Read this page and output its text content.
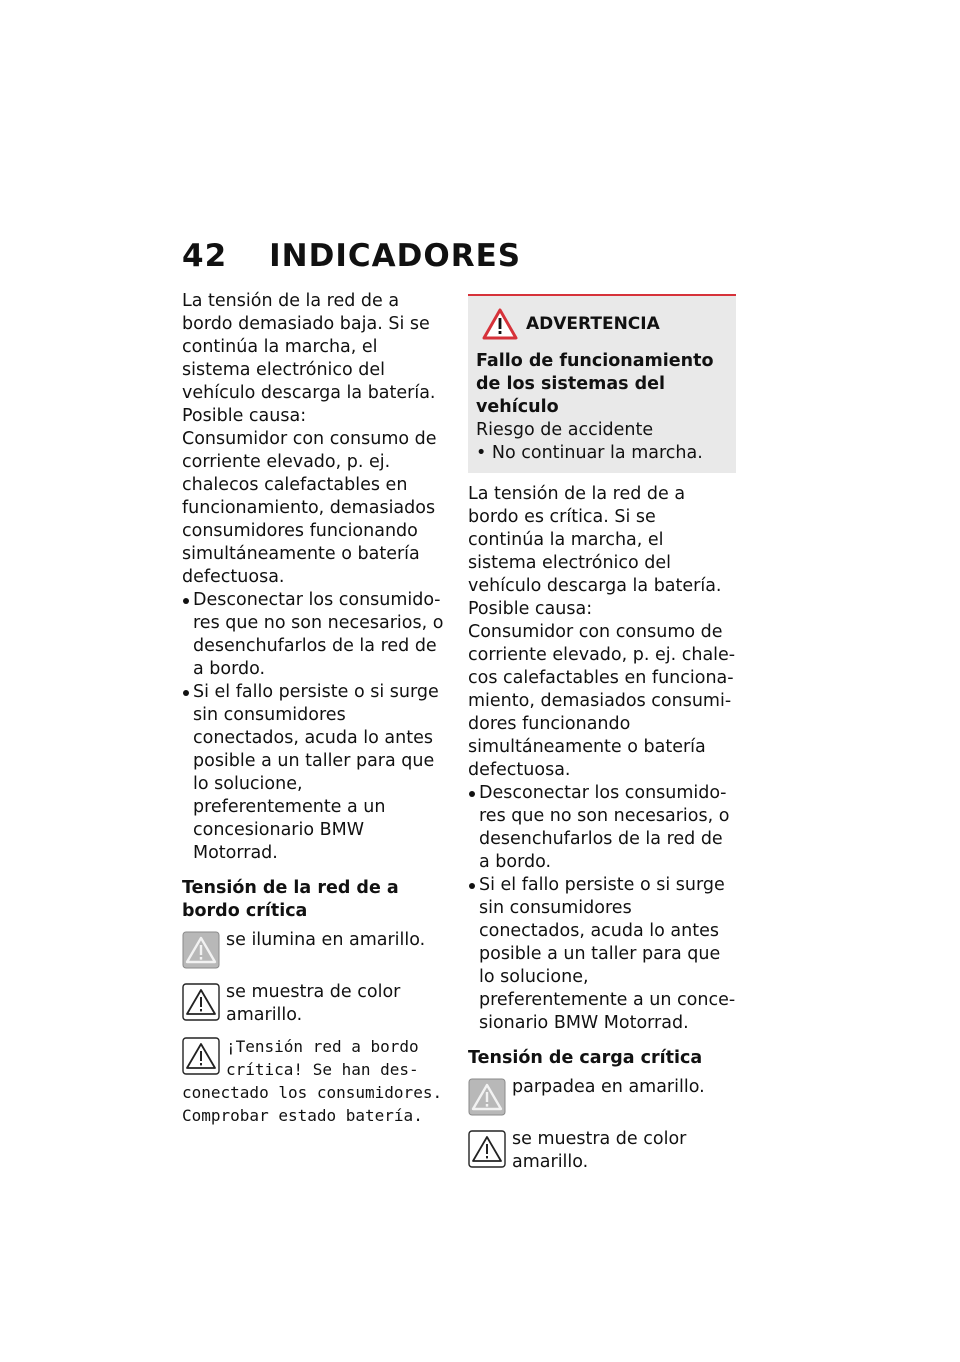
42 INDICADORES

La tensión de la red de a bordo demasiado baja. Si se continúa la marcha, el sistema electrónico del vehículo descarga la batería.

Posible causa:

Consumidor con consumo de corriente elevado, p. ej. chalecos calefactables en funcionamiento, demasiados consumidores funcionando simultáneamente o batería defectuosa.

Desconectar los consumidores que no son necesarios, o desenchufarlos de la red de a bordo.
Si el fallo persiste o si surge sin consumidores conectados, acuda lo antes posible a un taller para que lo solucione, preferentemente a un concesionario BMW Motorrad.

Tensión de la red de a bordo crítica

se ilumina en amarillo.
se muestra de color amarillo.
¡Tensión red a bordo crítica! Se han desconectado los consumidores. Comprobar estado batería.
ADVERTENCIA

Fallo de funcionamiento de los sistemas del vehículo

Riesgo de accidente

• No continuar la marcha.

La tensión de la red de a bordo es crítica. Si se continúa la marcha, el sistema electrónico del vehículo descarga la batería.

Posible causa:

Consumidor con consumo de corriente elevado, p. ej. chalecos calefactables en funcionamiento, demasiados consumidores funcionando simultáneamente o batería defectuosa.

Desconectar los consumidores que no son necesarios, o desenchufarlos de la red de a bordo.
Si el fallo persiste o si surge sin consumidores conectados, acuda lo antes posible a un taller para que lo solucione, preferentemente a un concesionario BMW Motorrad.

Tensión de carga crítica

parpadea en amarillo.
se muestra de color amarillo.
